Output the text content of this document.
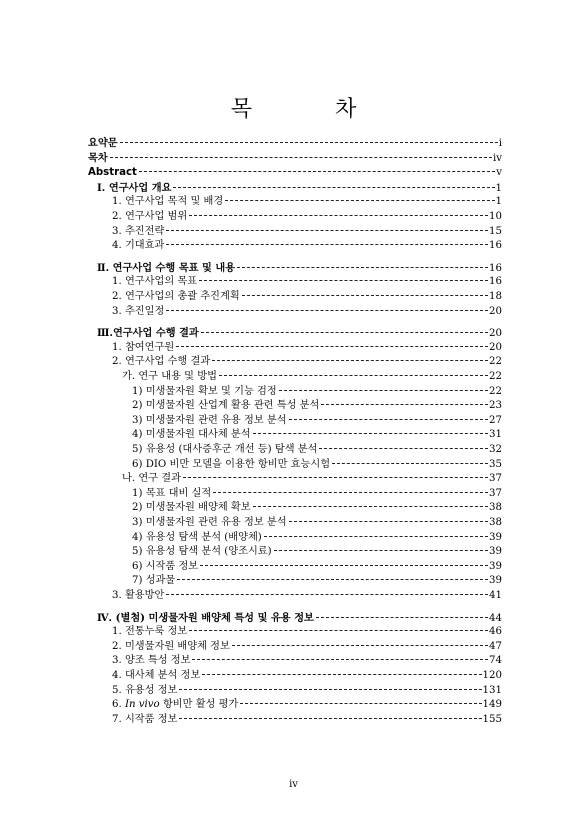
목 차
요약문	i
목차	iv
Abstract	v
Ⅰ. 연구사업 개요	1
1. 연구사업 목적 및 배경	1
2. 연구사업 범위	10
3. 추진전략	15
4. 기대효과	16
Ⅱ. 연구사업 수행 목표 및 내용	16
1. 연구사업의 목표	16
2. 연구사업의 총괄 추진계획	18
3. 추진일정	20
Ⅲ.연구사업 수행 결과	20
1. 참여연구원	20
2. 연구사업 수행 결과	22
가. 연구 내용 및 방법	22
1) 미생물자원 확보 및 기능 검정	22
2) 미생물자원 산업계 활용 관련 특성 분석	23
3) 미생물자원 관련 유용 정보 분석	27
4) 미생물자원 대사체 분석	31
5) 유용성 (대사증후군 개선 등) 탐색 분석	32
6) DIO 비만 모델을 이용한 항비만 효능시험	35
나. 연구 결과	37
1) 목표 대비 실적	37
2) 미생물자원 배양체 확보	38
3) 미생물자원 관련 유용 정보 분석	38
4) 유용성 탐색 분석 (배양체)	39
5) 유용성 탐색 분석 (양조시료)	39
6) 시작품 정보	39
7) 성과물	39
3. 활용방안	41
Ⅳ. (별첨) 미생물자원 배양체 특성 및 유용 정보	44
1. 전통누룩 정보	46
2. 미생물자원 배양체 정보	47
3. 양조 특성 정보	74
4. 대사체 분석 정보	120
5. 유용성 정보	131
6. In vivo 항비만 활성 평가	149
7. 시작품 정보	155
iv
